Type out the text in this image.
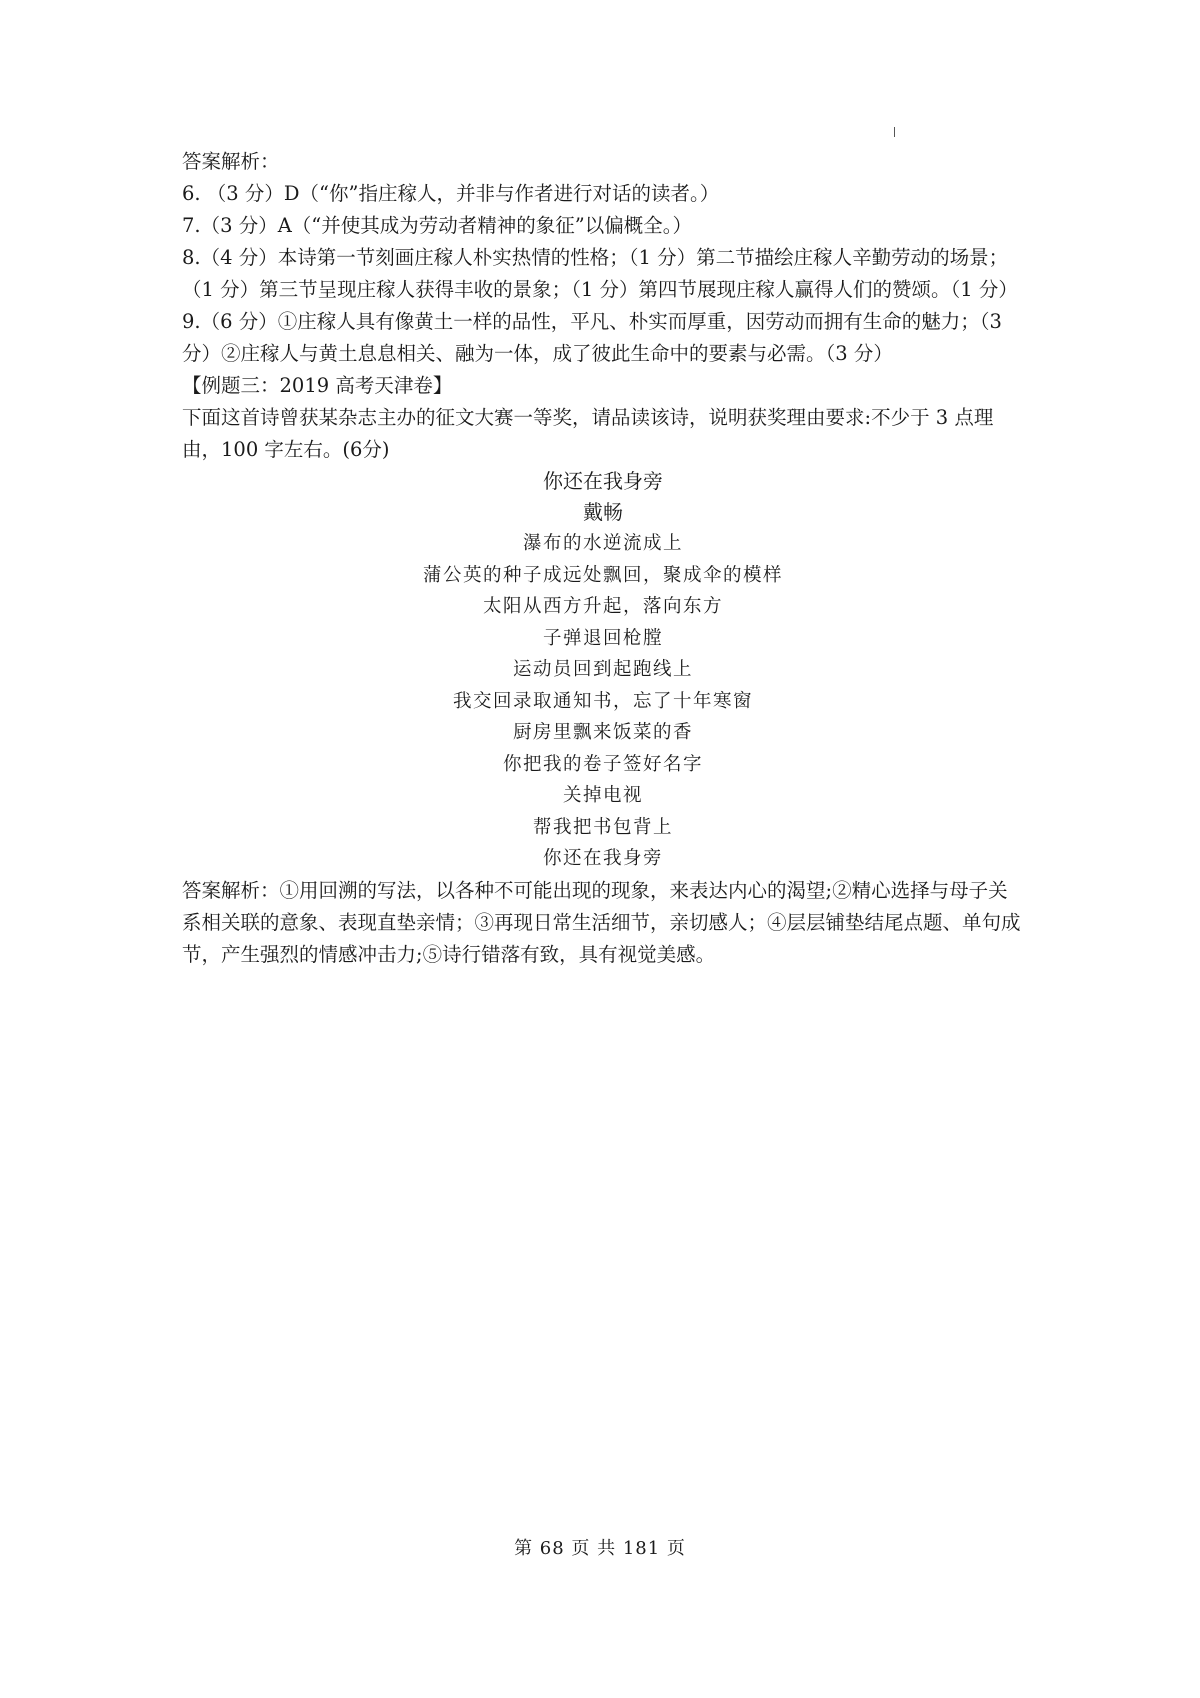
答案解析：

6. （3 分）D（“你”指庄稼人，并非与作者进行对话的读者。）

7.（3 分）A（“并使其成为劳动者精神的象征”以偏概全。）

8.（4 分）本诗第一节刻画庄稼人朴实热情的性格；（1 分）第二节描绘庄稼人辛勤劳动的场景；（1 分）第三节呈现庄稼人获得丰收的景象；（1 分）第四节展现庄稼人赢得人们的赞颂。（1 分）

9.（6 分）①庄稼人具有像黄土一样的品性，平凡、朴实而厚重，因劳动而拥有生命的魅力；（3 分）②庄稼人与黄土息息相关、融为一体，成了彼此生命中的要素与必需。（3 分）

【例题三：2019 高考天津卷】

下面这首诗曾获某杂志主办的征文大赛一等奖，请品读该诗，说明获奖理由要求:不少于 3 点理由，100 字左右。(6分)

你还在我身旁

戴畅

瀑布的水逆流成上

蒲公英的种子成远处飘回，聚成伞的模样

太阳从西方升起，落向东方

子弹退回枪膛

运动员回到起跑线上

我交回录取通知书，忘了十年寒窗

厨房里飘来饭菜的香

你把我的卷子签好名字

关掉电视

帮我把书包背上

你还在我身旁

答案解析：①用回溯的写法，以各种不可能出现的现象，来表达内心的渴望;②精心选择与母子关系相关联的意象、表现直垫亲情；③再现日常生活细节，亲切感人；④层层铺垫结尾点题、单句成节，产生强烈的情感冲击力;⑤诗行错落有致，具有视觉美感。

第 68 页 共 181 页
